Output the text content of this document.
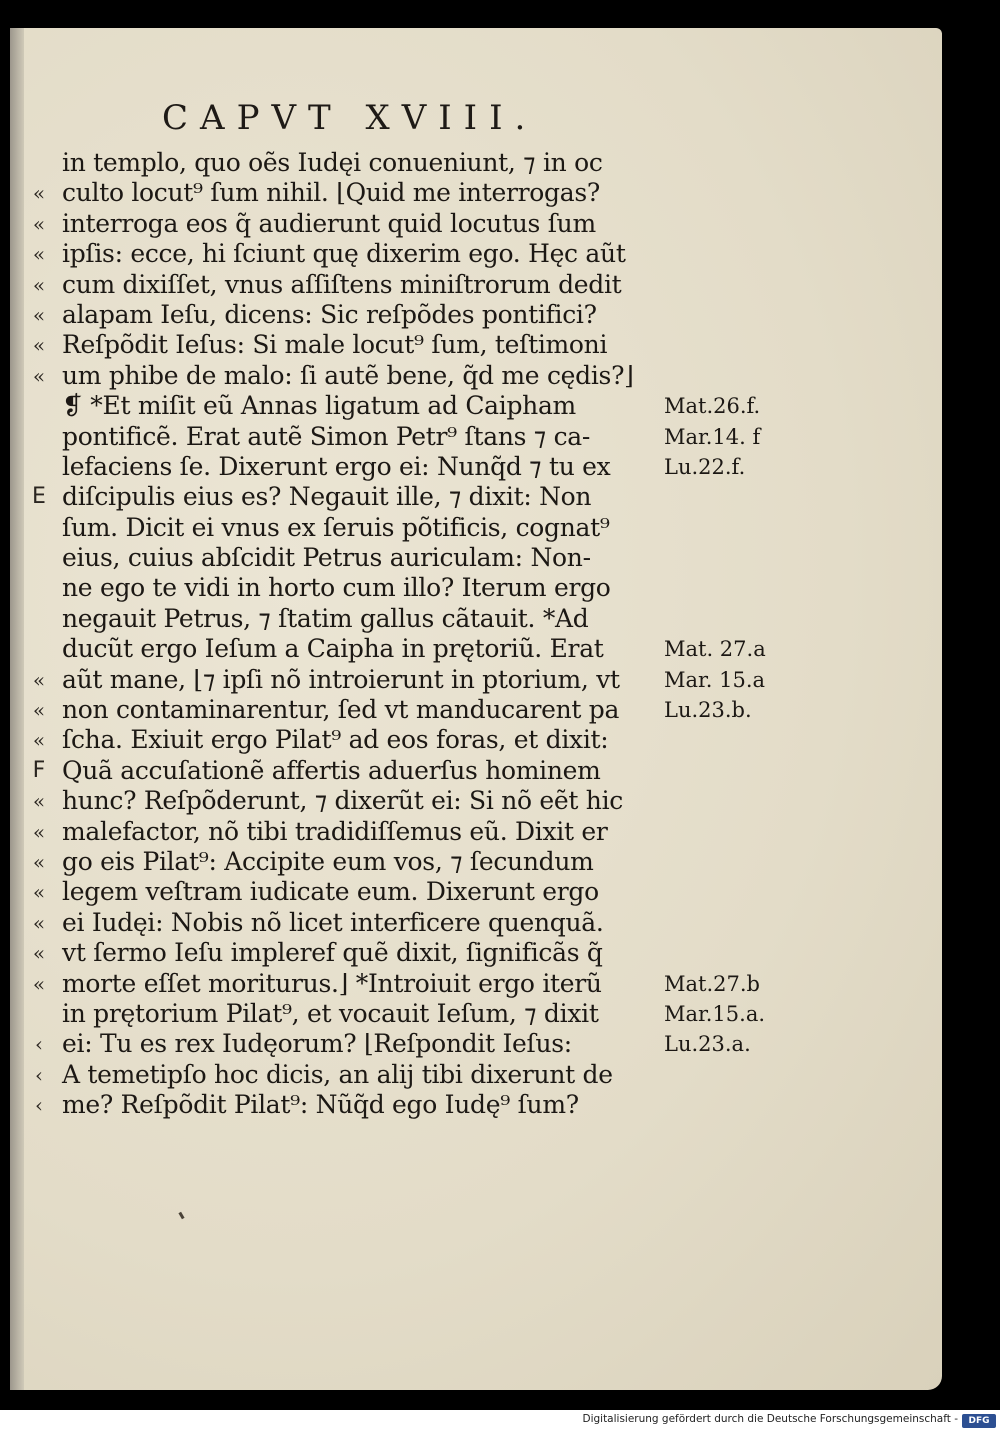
CAPVT XVIII.
«
«
«
«
«
«
«
E
«
«
«
F
«
«
«
«
«
«
«
‹
‹
‹
in templo, quo oẽs Iudęi conueniunt, ⁊ in oc
culto locut⁹ ſum nihil. ⌊Quid me interrogas?
interroga eos q̃ audierunt quid locutus ſum
ipſis: ecce, hi ſciunt quę dixerim ego. Hęc aũt
cum dixiſſet, vnus aſſiſtens miniſtrorum dedit
alapam Ieſu, dicens: Sic reſpõdes pontifici?
Reſpõdit Ieſus: Si male locut⁹ ſum, teſtimoni
um phibe de malo: ſi autẽ bene, q̃d me cędis?⌋
❡ *Et miſit eũ Annas ligatum ad Caipham
pontificẽ. Erat autẽ Simon Petr⁹ ſtans ⁊ ca-
lefaciens ſe. Dixerunt ergo ei: Nunq̃d ⁊ tu ex
diſcipulis eius es? Negauit ille, ⁊ dixit: Non
ſum. Dicit ei vnus ex ſeruis põtificis, cognat⁹
eius, cuius abſcidit Petrus auriculam: Non-
ne ego te vidi in horto cum illo? Iterum ergo
negauit Petrus, ⁊ ſtatim gallus cãtauit. *Ad
ducũt ergo Ieſum a Caipha in prętoriũ. Erat
aũt mane, ⌊⁊ ipſi nõ introierunt in ptorium, vt
non contaminarentur, ſed vt manducarent pa
ſcha. Exiuit ergo Pilat⁹ ad eos foras, et dixit:
Quã accuſationẽ affertis aduerſus hominem
hunc? Reſpõderunt, ⁊ dixerũt ei: Si nõ eẽt hic
malefactor, nõ tibi tradidiſſemus eũ. Dixit er
go eis Pilat⁹: Accipite eum vos, ⁊ ſecundum
legem veſtram iudicate eum. Dixerunt ergo
ei Iudęi: Nobis nõ licet interficere quenquã.
vt ſermo Ieſu impleref quẽ dixit, ſignificãs q̃
morte eſſet moriturus.⌋ *Introiuit ergo iterũ
in prętorium Pilat⁹, et vocauit Ieſum, ⁊ dixit
ei: Tu es rex Iudęorum? ⌊Reſpondit Ieſus:
A temetipſo hoc dicis, an alij tibi dixerunt de
me? Reſpõdit Pilat⁹: Nũq̃d ego Iudę⁹ ſum?
Mat.26.f.
Mar.14. f
Lu.22.f.
Mat. 27.a
Mar. 15.a
Lu.23.b.
Mat.27.b
Mar.15.a.
Lu.23.a.
Digitalisierung gefördert durch die Deutsche Forschungsgemeinschaft -	DFG
